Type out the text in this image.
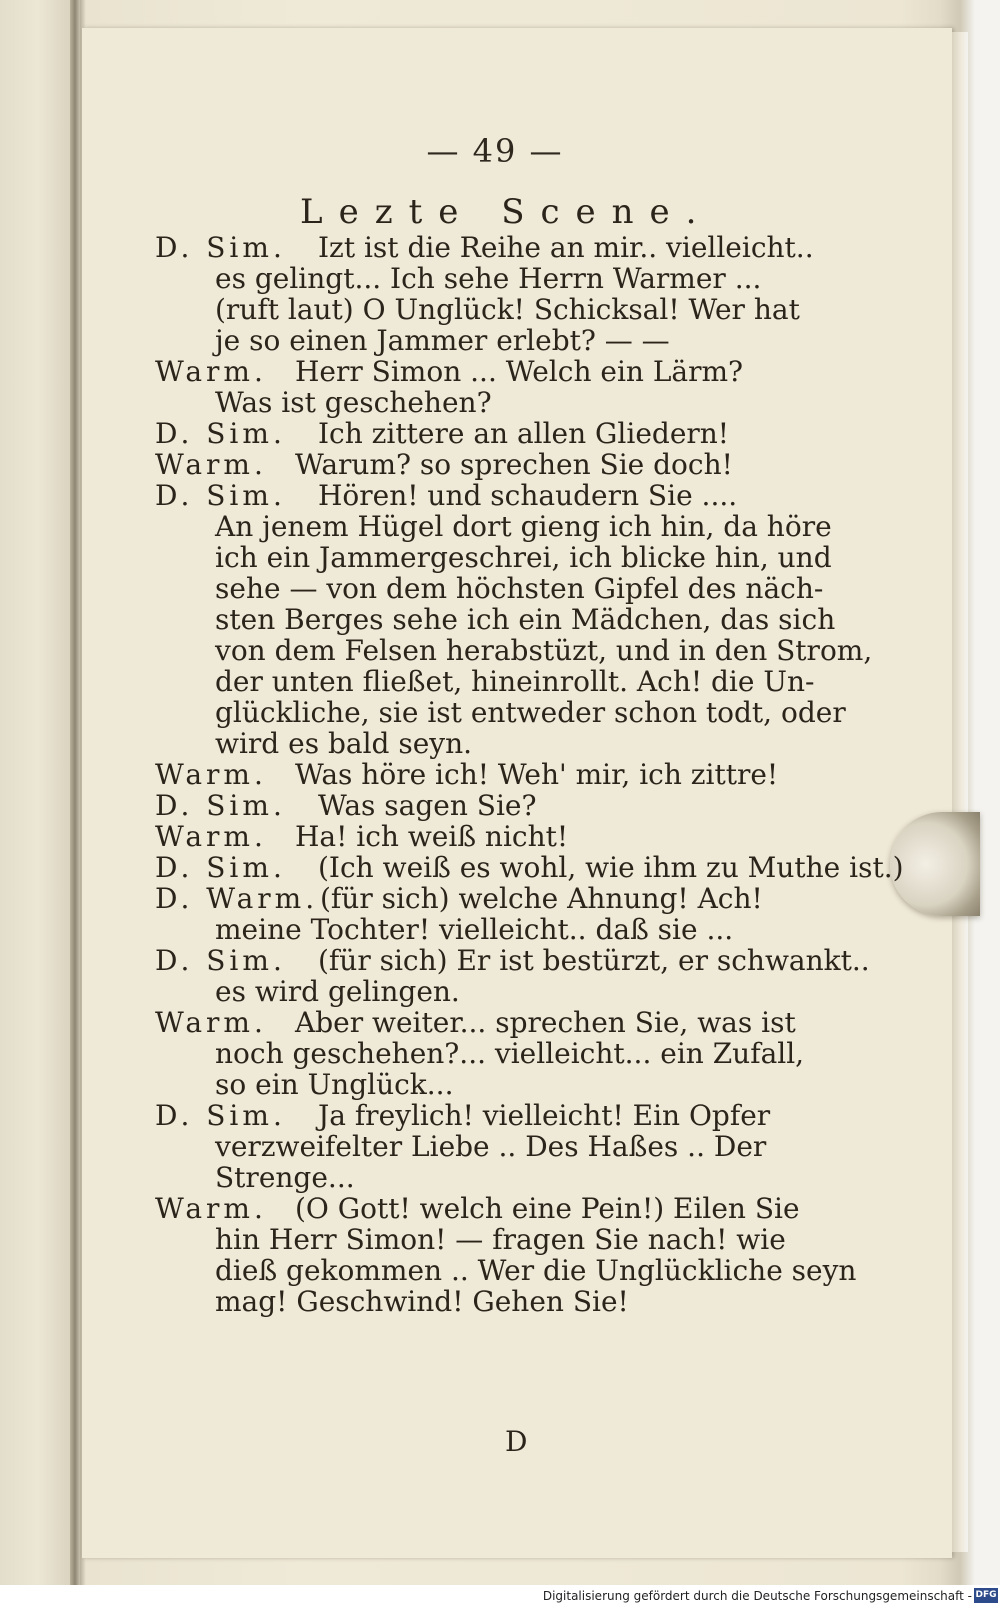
— 49 —
Lezte Scene.
D. Sim. Izt ist die Reihe an mir.. vielleicht..
es gelingt... Ich sehe Herrn Warmer ...
(ruft laut) O Unglück! Schicksal! Wer hat
je so einen Jammer erlebt? — —
Warm. Herr Simon ... Welch ein Lärm?
Was ist geschehen?
D. Sim. Ich zittere an allen Gliedern!
Warm. Warum? so sprechen Sie doch!
D. Sim. Hören! und schaudern Sie ....
An jenem Hügel dort gieng ich hin, da höre
ich ein Jammergeschrei, ich blicke hin, und
sehe — von dem höchsten Gipfel des näch-
sten Berges sehe ich ein Mädchen, das sich
von dem Felsen herabstüzt, und in den Strom,
der unten fließet, hineinrollt. Ach! die Un-
glückliche, sie ist entweder schon todt, oder
wird es bald seyn.
Warm. Was höre ich! Weh' mir, ich zittre!
D. Sim. Was sagen Sie?
Warm. Ha! ich weiß nicht!
D. Sim. (Ich weiß es wohl, wie ihm zu Muthe ist.)
D. Warm. (für sich) welche Ahnung! Ach!
meine Tochter! vielleicht.. daß sie ...
D. Sim. (für sich) Er ist bestürzt, er schwankt..
es wird gelingen.
Warm. Aber weiter... sprechen Sie, was ist
noch geschehen?... vielleicht... ein Zufall,
so ein Unglück...
D. Sim. Ja freylich! vielleicht! Ein Opfer
verzweifelter Liebe .. Des Haßes .. Der
Strenge...
Warm. (O Gott! welch eine Pein!) Eilen Sie
hin Herr Simon! — fragen Sie nach! wie
dieß gekommen .. Wer die Unglückliche seyn
mag! Geschwind! Gehen Sie!
D
Digitalisierung gefördert durch die Deutsche Forschungsgemeinschaft - DFG
